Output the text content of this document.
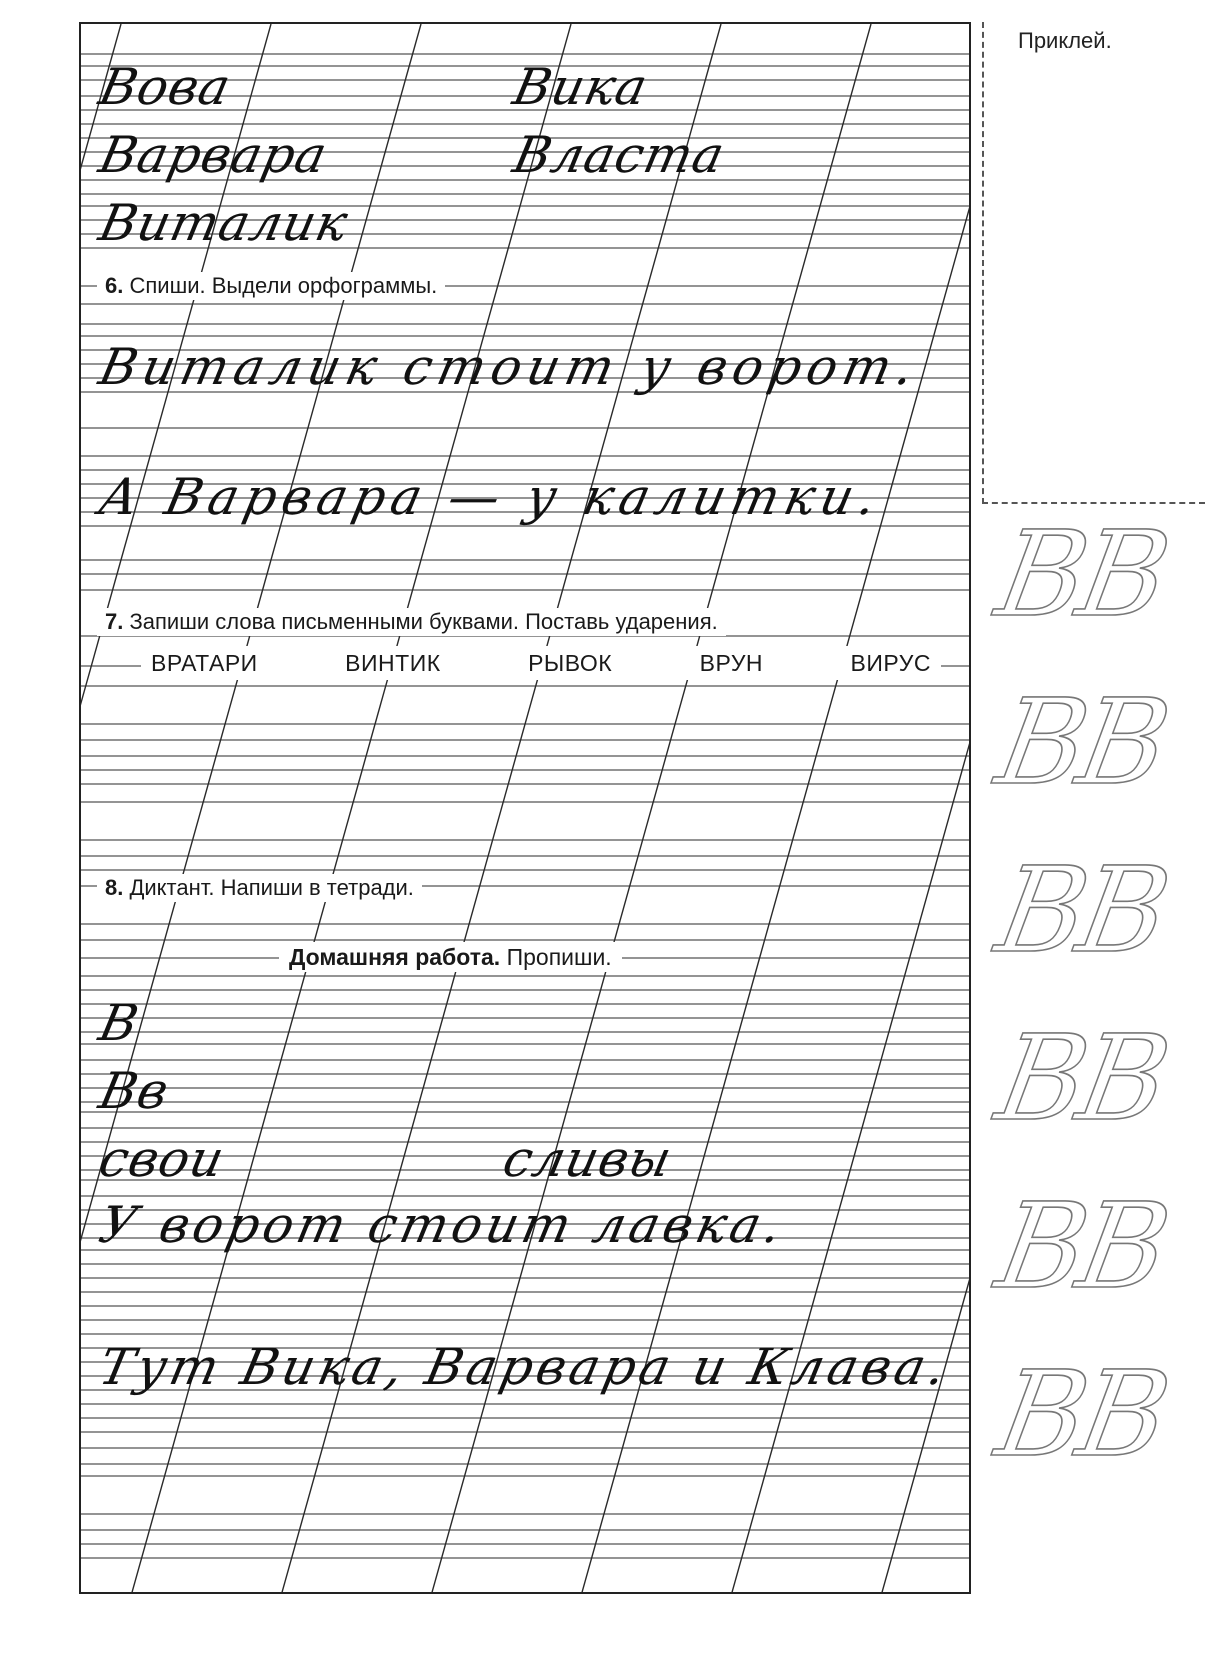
Вова	Вика
Варвара	Власта
Виталик
6. Спиши. Выдели орфограммы.
Виталик стоит у ворот.
А Варвара — у калитки.
7. Запиши слова письменными буквами. Поставь ударения.
ВРАТАРИ	ВИНТИК	РЫВОК	ВРУН	ВИРУС
8. Диктант. Напиши в тетради.
Домашняя работа. Пропиши.
В
Вв
свои	сливы
У ворот стоит лавка.
Тут Вика, Варвара и Клава.
Приклей.
ВВ
ВВ
ВВ
ВВ
ВВ
ВВ
